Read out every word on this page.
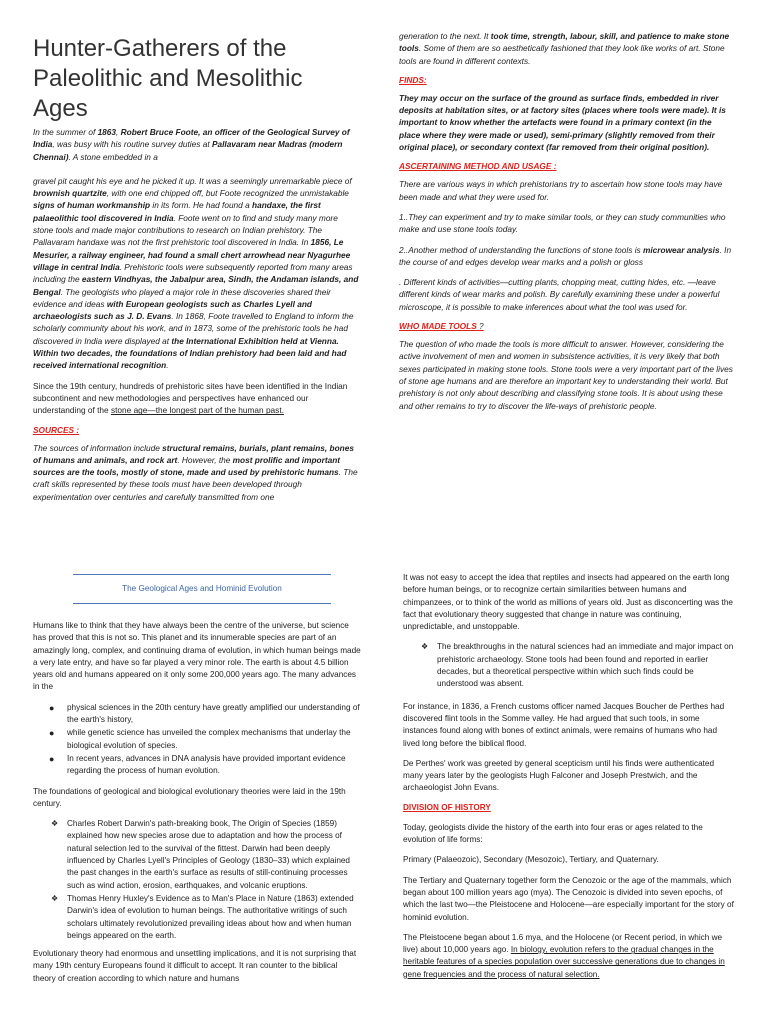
Hunter-Gatherers of the
Paleolithic and Mesolithic Ages

In the summer of 1863, Robert Bruce Foote, an officer of the Geological Survey of India, was busy with his routine survey duties at Pallavaram near Madras (modern Chennai). A stone embedded in a

gravel pit caught his eye and he picked it up. It was a seemingly unremarkable piece of brownish quartzite, with one end chipped off, but Foote recognized the unmistakable signs of human workmanship in its form. He had found a handaxe, the first palaeolithic tool discovered in India. Foote went on to find and study many more stone tools and made major contributions to research on Indian prehistory. The Pallavaram handaxe was not the first prehistoric tool discovered in India. In 1856, Le Mesurier, a railway engineer, had found a small chert arrowhead near Nyagurhee village in central India. Prehistoric tools were subsequently reported from many areas including the eastern Vindhyas, the Jabalpur area, Sindh, the Andaman islands, and Bengal. The geologists who played a major role in these discoveries shared their evidence and ideas with European geologists such as Charles Lyell and archaeologists such as J. D. Evans. In 1868, Foote travelled to England to inform the scholarly community about his work, and in 1873, some of the prehistoric tools he had discovered in India were displayed at the International Exhibition held at Vienna. Within two decades, the foundations of Indian prehistory had been laid and had received international recognition.

Since the 19th century, hundreds of prehistoric sites have been identified in the Indian subcontinent and new methodologies and perspectives have enhanced our understanding of the stone age—the longest part of the human past.

SOURCES :

The sources of information include structural remains, burials, plant remains, bones of humans and animals, and rock art. However, the most prolific and important sources are the tools, mostly of stone, made and used by prehistoric humans. The craft skills represented by these tools must have been developed through experimentation over centuries and carefully transmitted from one

generation to the next. It took time, strength, labour, skill, and patience to make stone tools. Some of them are so aesthetically fashioned that they look like works of art. Stone tools are found in different contexts.

FINDS:

They may occur on the surface of the ground as surface finds, embedded in river deposits at habitation sites, or at factory sites (places where tools were made). It is important to know whether the artefacts were found in a primary context (in the place where they were made or used), semi-primary (slightly removed from their original place), or secondary context (far removed from their original position).

ASCERTAINING METHOD AND USAGE :

There are various ways in which prehistorians try to ascertain how stone tools may have been made and what they were used for.

1..They can experiment and try to make similar tools, or they can study communities who make and use stone tools today.

2..Another method of understanding the functions of stone tools is microwear analysis. In the course of and edges develop wear marks and a polish or gloss

. Different kinds of activities—cutting plants, chopping meat, cutting hides, etc. —leave different kinds of wear marks and polish. By carefully examining these under a powerful microscope, it is possible to make inferences about what the tool was used for.

WHO MADE TOOLS ?

The question of who made the tools is more difficult to answer. However, considering the active involvement of men and women in subsistence activities, it is very likely that both sexes participated in making stone tools. Stone tools were a very important part of the lives of stone age humans and are therefore an important key to understanding their world. But prehistory is not only about describing and classifying stone tools. It is about using these and other remains to try to discover the life-ways of prehistoric people.

The Geological Ages and Hominid Evolution

Humans like to think that they have always been the centre of the universe, but science has proved that this is not so. This planet and its innumerable species are part of an amazingly long, complex, and continuing drama of evolution, in which human beings made a very late entry, and have so far played a very minor role. The earth is about 4.5 billion years old and humans appeared on it only some 200,000 years ago. The many advances in the

● physical sciences in the 20th century have greatly amplified our understanding of the earth's history,
● while genetic science has unveiled the complex mechanisms that underlay the biological evolution of species.
● In recent years, advances in DNA analysis have provided important evidence regarding the process of human evolution.

The foundations of geological and biological evolutionary theories were laid in the 19th century.

❖ Charles Robert Darwin's path-breaking book, The Origin of Species (1859) explained how new species arose due to adaptation and how the process of natural selection led to the survival of the fittest. Darwin had been deeply influenced by Charles Lyell's Principles of Geology (1830–33) which explained the past changes in the earth's surface as results of still-continuing processes such as wind action, erosion, earthquakes, and volcanic eruptions.
❖ Thomas Henry Huxley's Evidence as to Man's Place in Nature (1863) extended Darwin's idea of evolution to human beings. The authoritative writings of such scholars ultimately revolutionized prevailing ideas about how and when human beings appeared on the earth.

Evolutionary theory had enormous and unsettling implications, and it is not surprising that many 19th century Europeans found it difficult to accept. It ran counter to the biblical theory of creation according to which nature and humans

It was not easy to accept the idea that reptiles and insects had appeared on the earth long before human beings, or to recognize certain similarities between humans and chimpanzees, or to think of the world as millions of years old. Just as disconcerting was the fact that evolutionary theory suggested that change in nature was continuing, unpredictable, and unstoppable.

❖ The breakthroughs in the natural sciences had an immediate and major impact on prehistoric archaeology. Stone tools had been found and reported in earlier decades, but a theoretical perspective within which such finds could be understood was absent.

For instance, in 1836, a French customs officer named Jacques Boucher de Perthes had discovered flint tools in the Somme valley. He had argued that such tools, in some instances found along with bones of extinct animals, were remains of humans who had lived long before the biblical flood.

De Perthes' work was greeted by general scepticism until his finds were authenticated many years later by the geologists Hugh Falconer and Joseph Prestwich, and the archaeologist John Evans.

DIVISION OF HISTORY

Today, geologists divide the history of the earth into four eras or ages related to the evolution of life forms:

Primary (Palaeozoic), Secondary (Mesozoic), Tertiary, and Quaternary.

The Tertiary and Quaternary together form the Cenozoic or the age of the mammals, which began about 100 million years ago (mya). The Cenozoic is divided into seven epochs, of which the last two—the Pleistocene and Holocene—are especially important for the story of hominid evolution.

The Pleistocene began about 1.6 mya, and the Holocene (or Recent period, in which we live) about 10,000 years ago. In biology, evolution refers to the gradual changes in the heritable features of a species population over successive generations due to changes in gene frequencies and the process of natural selection.
